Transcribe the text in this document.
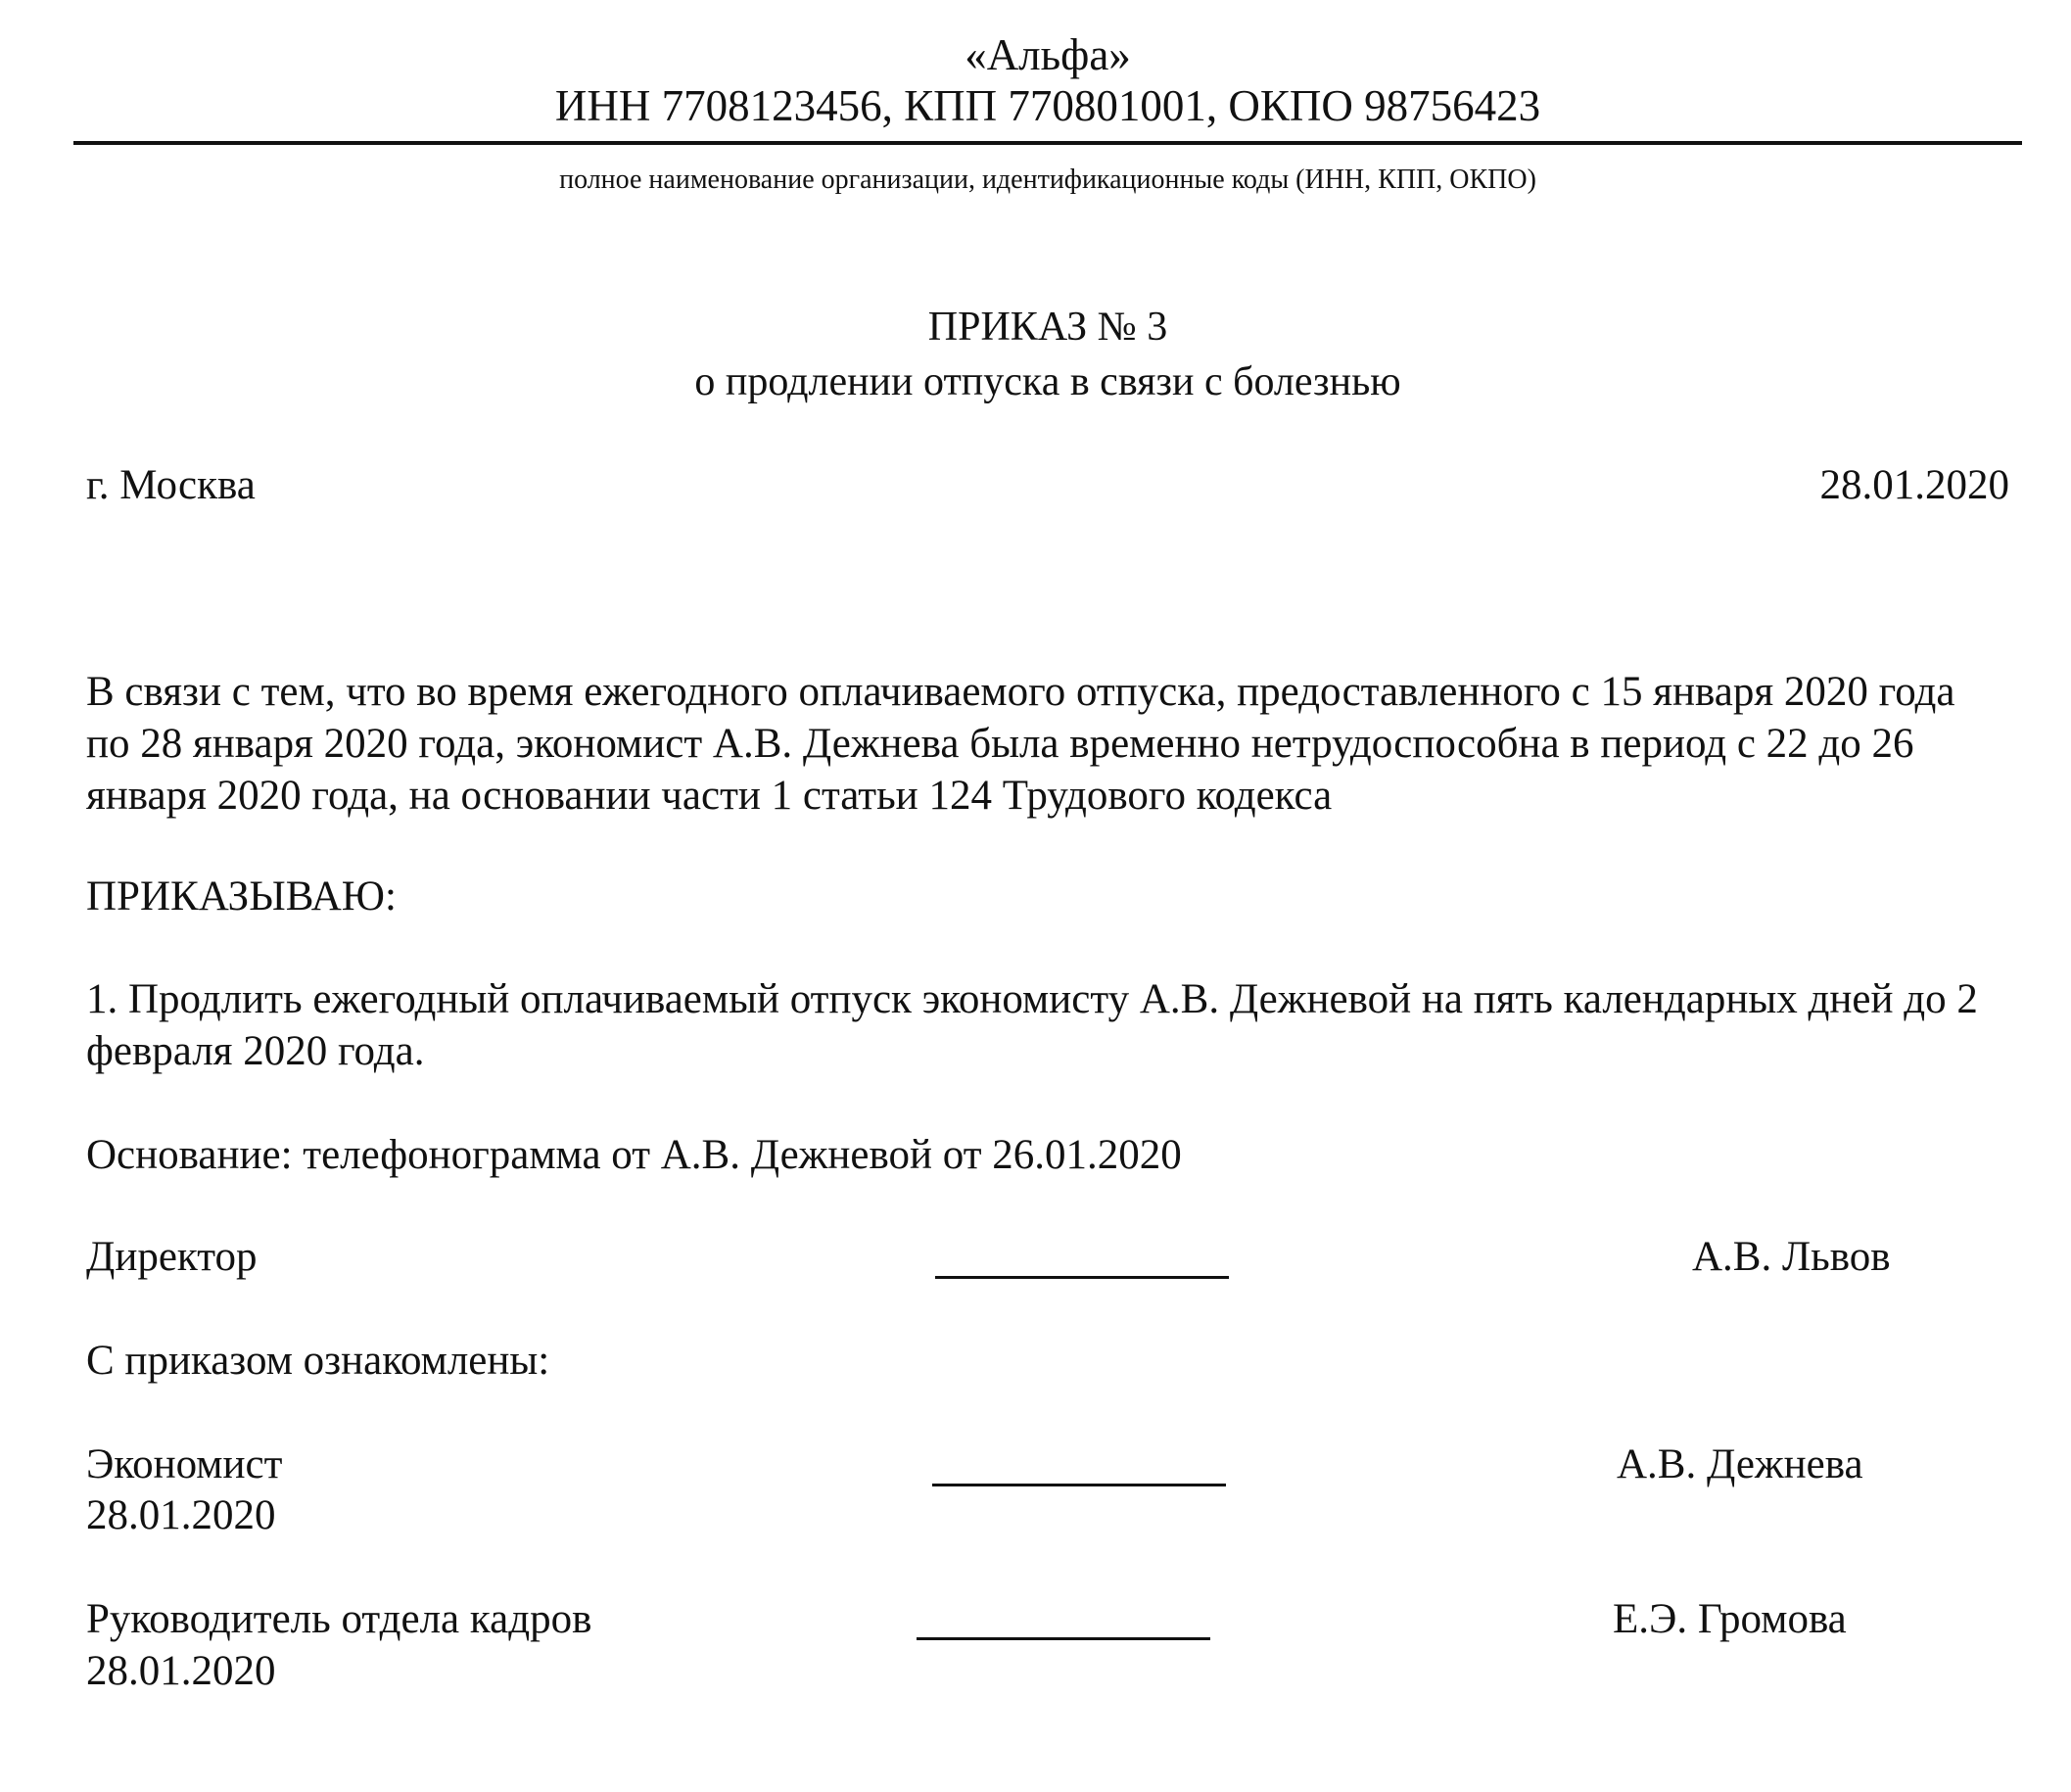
«Альфа»
ИНН 7708123456, КПП 770801001, ОКПО 98756423
полное наименование организации, идентификационные коды (ИНН, КПП, ОКПО)
ПРИКАЗ № 3
о продлении отпуска в связи с болезнью
г. Москва	28.01.2020
В связи с тем, что во время ежегодного оплачиваемого отпуска, предоставленного с 15 января 2020 года по 28 января 2020 года, экономист А.В. Дежнева была временно нетрудоспособна в период с 22 до 26 января 2020 года, на основании части 1 статьи 124 Трудового кодекса
ПРИКАЗЫВАЮ:
1. Продлить ежегодный оплачиваемый отпуск экономисту А.В. Дежневой на пять календарных дней до 2 февраля 2020 года.
Основание: телефонограмма от А.В. Дежневой от 26.01.2020
Директор	А.В. Львов
С приказом ознакомлены:
Экономист
28.01.2020
А.В. Дежнева
Руководитель отдела кадров
28.01.2020
Е.Э. Громова
